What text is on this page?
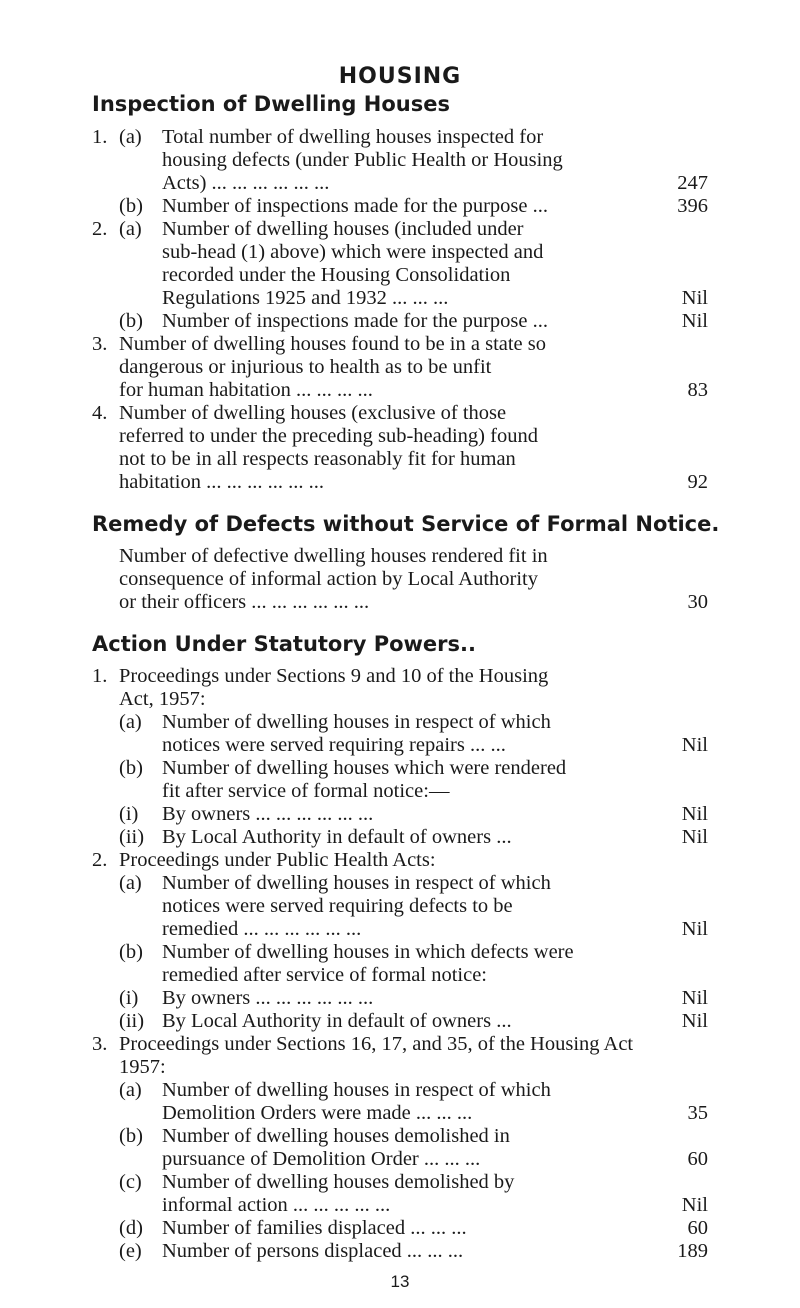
HOUSING
Inspection of Dwelling Houses
1. (a) Total number of dwelling houses inspected for
housing defects (under Public Health or Housing
Acts) ... ... ... ... ... ...	247
(b) Number of inspections made for the purpose ...	396
2. (a) Number of dwelling houses (included under
sub-head (1) above) which were inspected and
recorded under the Housing Consolidation
Regulations 1925 and 1932 ... ... ...	Nil
(b) Number of inspections made for the purpose ...	Nil
3. Number of dwelling houses found to be in a state so
dangerous or injurious to health as to be unfit
for human habitation ... ... ... ...	83
4. Number of dwelling houses (exclusive of those
referred to under the preceding sub-heading) found
not to be in all respects reasonably fit for human
habitation ... ... ... ... ... ...	92
Remedy of Defects without Service of Formal Notice.
Number of defective dwelling houses rendered fit in
consequence of informal action by Local Authority
or their officers ... ... ... ... ... ...	30
Action Under Statutory Powers..
1. Proceedings under Sections 9 and 10 of the Housing
Act, 1957:
(a) Number of dwelling houses in respect of which
notices were served requiring repairs ... ...	Nil
(b) Number of dwelling houses which were rendered
fit after service of formal notice:—
(i) By owners ... ... ... ... ... ...	Nil
(ii) By Local Authority in default of owners ...	Nil
2. Proceedings under Public Health Acts:
(a) Number of dwelling houses in respect of which
notices were served requiring defects to be
remedied ... ... ... ... ... ...	Nil
(b) Number of dwelling houses in which defects were
remedied after service of formal notice:
(i) By owners ... ... ... ... ... ...	Nil
(ii) By Local Authority in default of owners ...	Nil
3. Proceedings under Sections 16, 17, and 35, of the Housing Act
1957:
(a) Number of dwelling houses in respect of which
Demolition Orders were made ... ... ...	35
(b) Number of dwelling houses demolished in
pursuance of Demolition Order ... ... ...	60
(c) Number of dwelling houses demolished by
informal action ... ... ... ... ...	Nil
(d) Number of families displaced ... ... ...	60
(e) Number of persons displaced ... ... ...	189
13
